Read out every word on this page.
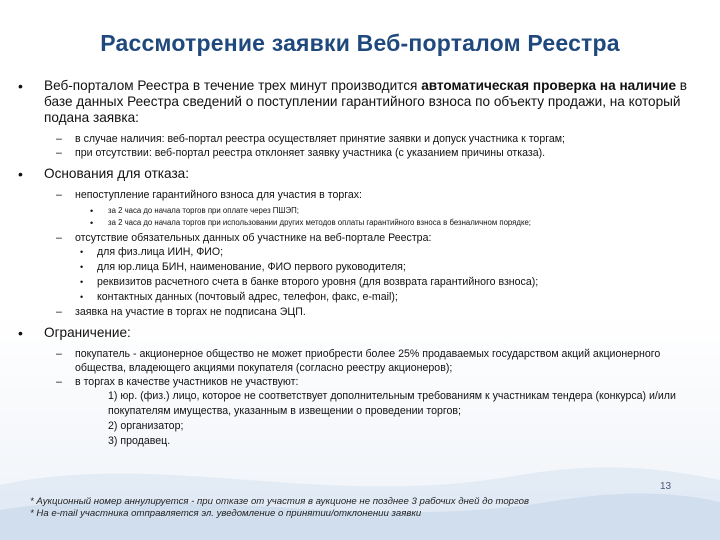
Рассмотрение заявки Веб-порталом Реестра
• Веб-порталом Реестра в течение трех минут производится автоматическая проверка на наличие в базе данных Реестра сведений о поступлении гарантийного взноса по объекту продажи, на который подана заявка:
– в случае наличия: веб-портал реестра осуществляет принятие заявки и допуск участника к торгам;
– при отсутствии: веб-портал реестра отклоняет заявку участника (с указанием причины отказа).
• Основания для отказа:
– непоступление гарантийного взноса для участия в торгах:
• за 2 часа до начала торгов при оплате через ПШЭП;
• за 2 часа до начала торгов при использовании других методов оплаты гарантийного взноса в безналичном порядке;
– отсутствие обязательных данных об участнике на веб-портале Реестра:
• для физ.лица ИИН, ФИО;
• для юр.лица БИН, наименование, ФИО первого руководителя;
• реквизитов расчетного счета в банке второго уровня (для возврата гарантийного взноса);
• контактных данных (почтовый адрес, телефон, факс, e-mail);
– заявка на участие в торгах не подписана ЭЦП.
• Ограничение:
– покупатель - акционерное общество не может приобрести более 25% продаваемых государством акций акционерного общества, владеющего акциями покупателя (согласно реестру акционеров);
– в торгах в качестве участников не участвуют:
1) юр. (физ.) лицо, которое не соответствует дополнительным требованиям к участникам тендера (конкурса) и/или покупателям имущества, указанным в извещении о проведении торгов;
2) организатор;
3) продавец.
* Аукционный номер аннулируется - при отказе от участия в аукционе не позднее 3 рабочих дней до торгов
* На e-mail участника отправляется эл. уведомление о принятии/отклонении заявки
13
